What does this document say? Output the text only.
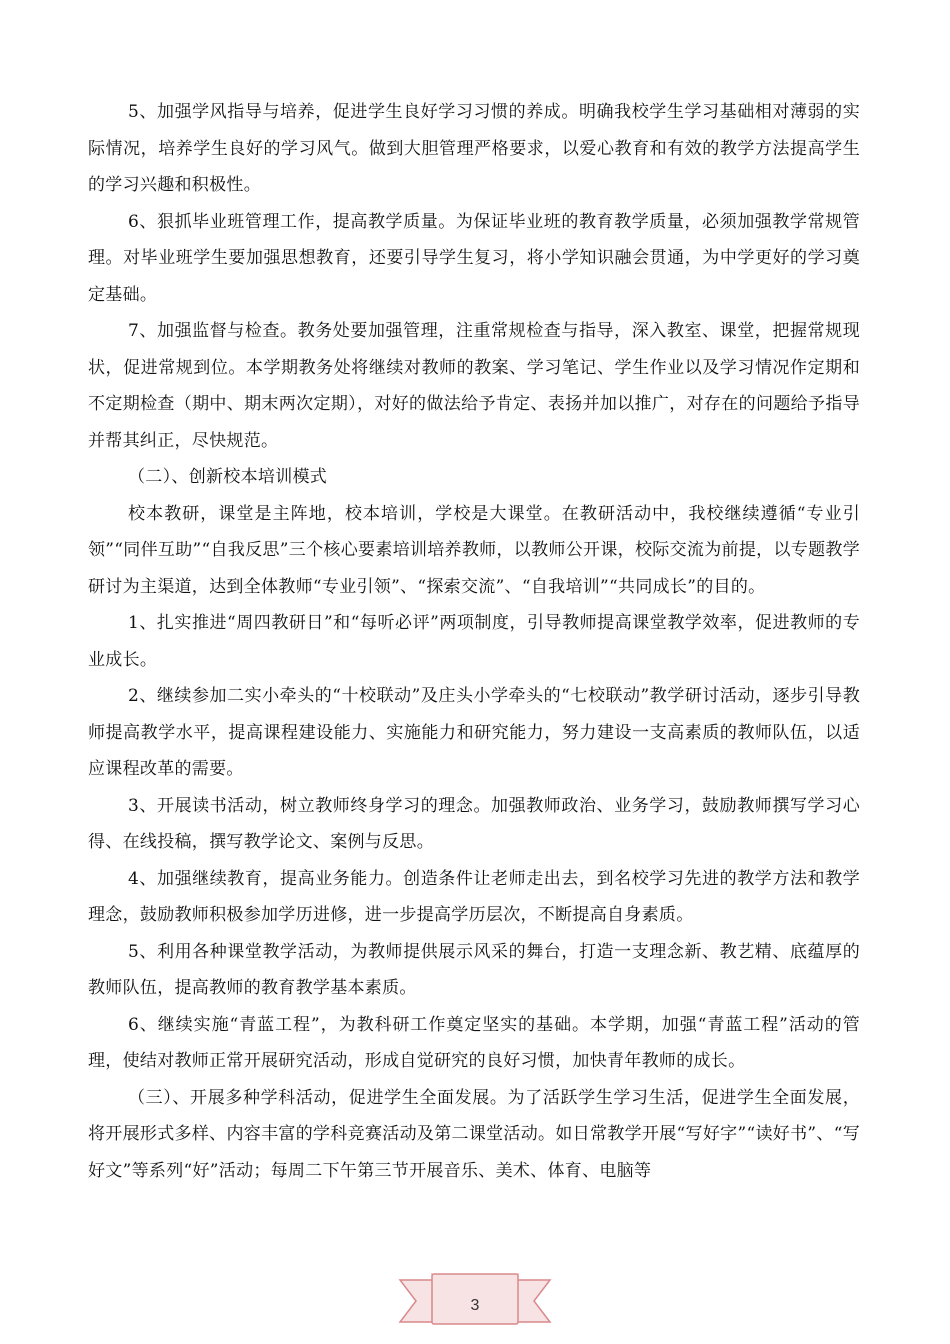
5、加强学风指导与培养，促进学生良好学习习惯的养成。明确我校学生学习基础相对薄弱的实际情况，培养学生良好的学习风气。做到大胆管理严格要求，以爱心教育和有效的教学方法提高学生的学习兴趣和积极性。

6、狠抓毕业班管理工作，提高教学质量。为保证毕业班的教育教学质量，必须加强教学常规管理。对毕业班学生要加强思想教育，还要引导学生复习，将小学知识融会贯通，为中学更好的学习奠定基础。

7、加强监督与检查。教务处要加强管理，注重常规检查与指导，深入教室、课堂，把握常规现状，促进常规到位。本学期教务处将继续对教师的教案、学习笔记、学生作业以及学习情况作定期和不定期检查（期中、期末两次定期），对好的做法给予肯定、表扬并加以推广，对存在的问题给予指导并帮其纠正，尽快规范。

（二）、创新校本培训模式

校本教研，课堂是主阵地，校本培训，学校是大课堂。在教研活动中，我校继续遵循“专业引领”“同伴互助”“自我反思”三个核心要素培训培养教师，以教师公开课，校际交流为前提，以专题教学研讨为主渠道，达到全体教师“专业引领”、“探索交流”、“自我培训”“共同成长”的目的。

1、扎实推进“周四教研日”和“每听必评”两项制度，引导教师提高课堂教学效率，促进教师的专业成长。

2、继续参加二实小牵头的“十校联动”及庄头小学牵头的“七校联动”教学研讨活动，逐步引导教师提高教学水平，提高课程建设能力、实施能力和研究能力，努力建设一支高素质的教师队伍，以适应课程改革的需要。

3、开展读书活动，树立教师终身学习的理念。加强教师政治、业务学习，鼓励教师撰写学习心得、在线投稿，撰写教学论文、案例与反思。

4、加强继续教育，提高业务能力。创造条件让老师走出去，到名校学习先进的教学方法和教学理念，鼓励教师积极参加学历进修，进一步提高学历层次，不断提高自身素质。

5、利用各种课堂教学活动，为教师提供展示风采的舞台，打造一支理念新、教艺精、底蕴厚的教师队伍，提高教师的教育教学基本素质。

6、继续实施“青蓝工程”，为教科研工作奠定坚实的基础。本学期，加强“青蓝工程”活动的管理，使结对教师正常开展研究活动，形成自觉研究的良好习惯，加快青年教师的成长。

（三）、开展多种学科活动，促进学生全面发展。为了活跃学生学习生活，促进学生全面发展，将开展形式多样、内容丰富的学科竞赛活动及第二课堂活动。如日常教学开展“写好字”“读好书”、“写好文”等系列“好”活动；每周二下午第三节开展音乐、美术、体育、电脑等

3
